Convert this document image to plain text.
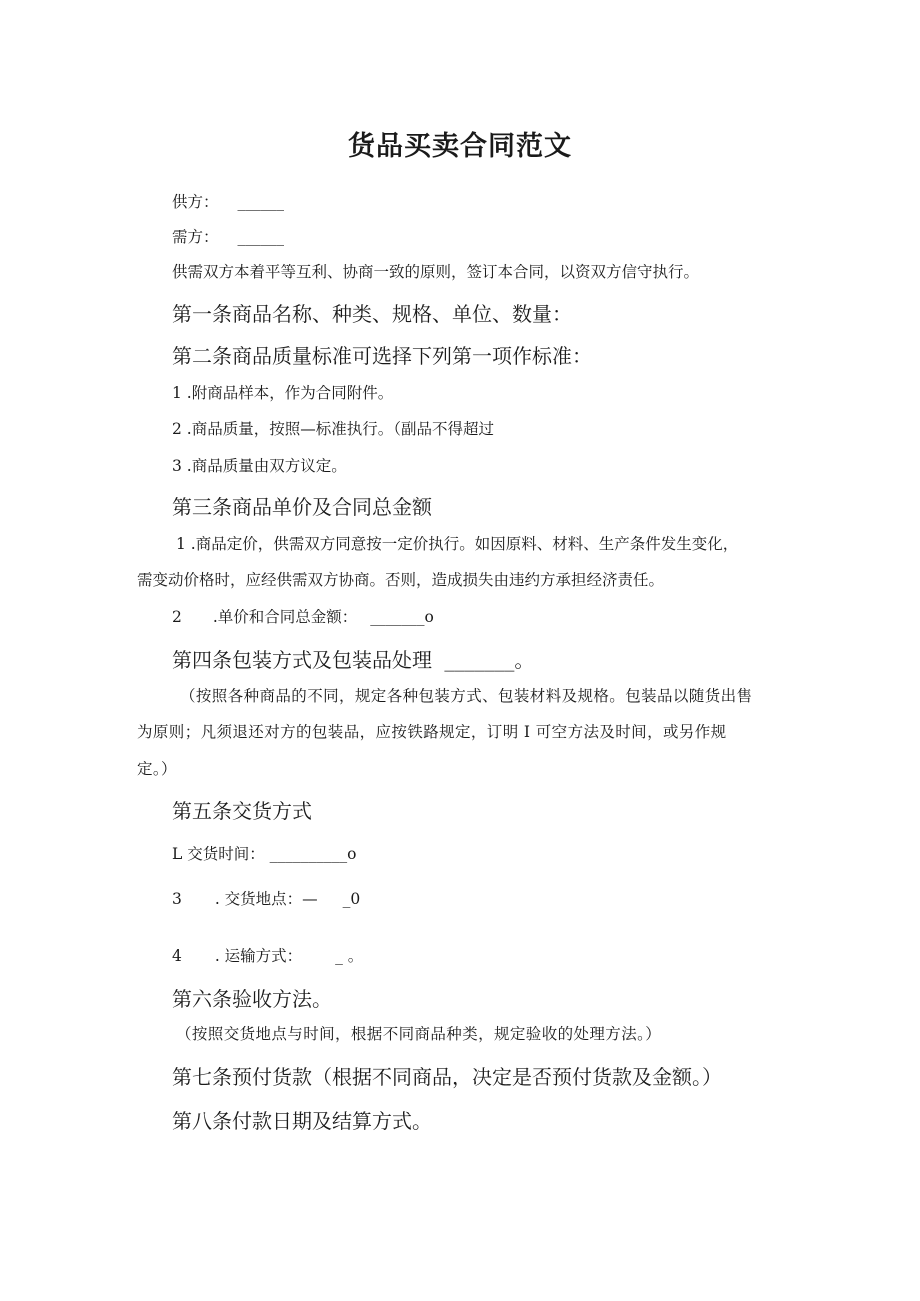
货品买卖合同范文

供方： ______

需方： ______

供需双方本着平等互利、协商一致的原则，签订本合同，以资双方信守执行。

第一条商品名称、种类、规格、单位、数量：
第二条商品质量标准可选择下列第一项作标准：

1 .附商品样本，作为合同附件。

2 .商品质量，按照—标准执行。（副品不得超过

3 .商品质量由双方议定。

第三条商品单价及合同总金额

1 .商品定价，供需双方同意按一定价执行。如因原料、材料、生产条件发生变化，

需变动价格时，应经供需双方协商。否则，造成损失由违约方承担经济责任。

2 .单价和合同总金额： _______o

第四条包装方式及包装品处理 _______。

（按照各种商品的不同，规定各种包装方式、包装材料及规格。包装品以随货出售

为原则；凡须退还对方的包装品，应按铁路规定，订明 I 可空方法及时间，或另作规

定。）

第五条交货方式

L 交货时间： __________o

3 . 交货地点：— _0

4 . 运输方式： _ 。

第六条验收方法。

（按照交货地点与时间，根据不同商品种类，规定验收的处理方法。）

第七条预付货款（根据不同商品，决定是否预付货款及金额。）
第八条付款日期及结算方式。
